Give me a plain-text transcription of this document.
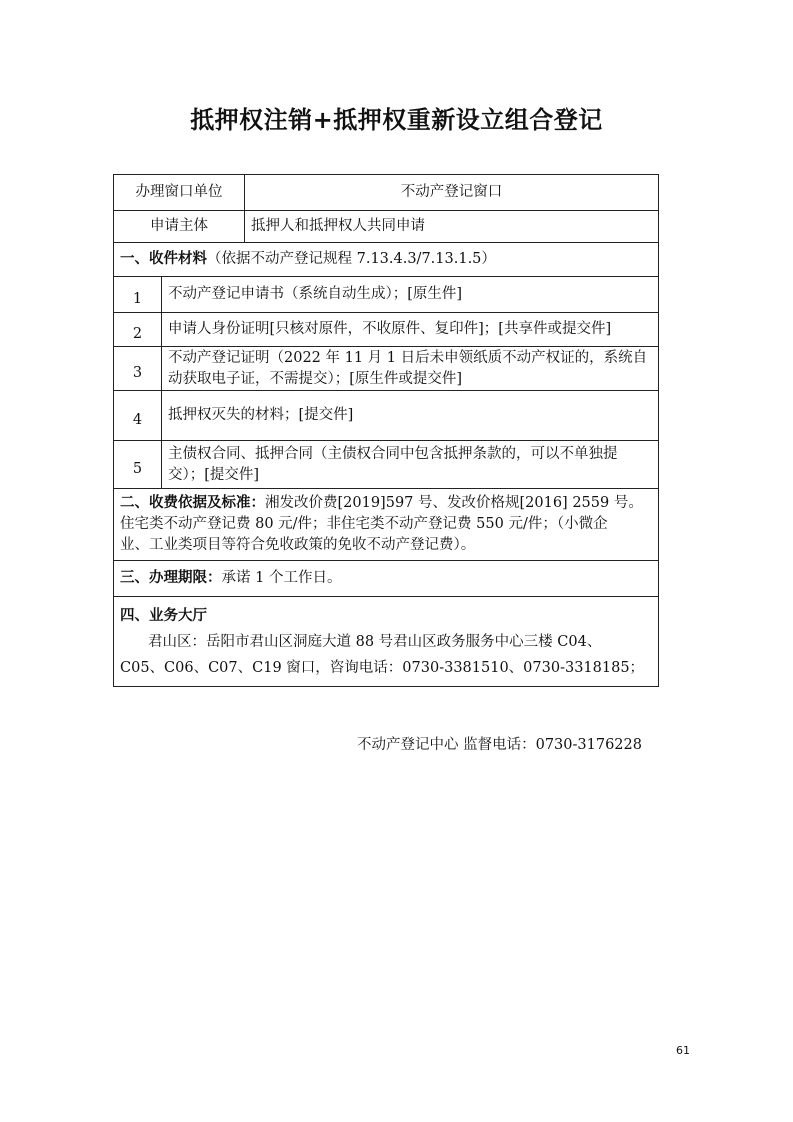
抵押权注销+抵押权重新设立组合登记
办理窗口单位		不动产登记窗口
申请主体		抵押人和抵押权人共同申请
一、收件材料（依据不动产登记规程 7.13.4.3/7.13.1.5）		
1	不动产登记申请书（系统自动生成）；[原生件]	
2	申请人身份证明[只核对原件，不收原件、复印件]；[共享件或提交件]	
3	不动产登记证明（2022 年 11 月 1 日后未申领纸质不动产权证的，系统自动获取电子证，不需提交）；[原生件或提交件]	
4	抵押权灭失的材料；[提交件]	
5	主债权合同、抵押合同（主债权合同中包含抵押条款的，可以不单独提交）；[提交件]	

二、收费依据及标准：湘发改价费[2019]597 号、发改价格规[2016] 2559 号。
住宅类不动产登记费 80 元/件；非住宅类不动产登记费 550 元/件；（小微企
业、工业类项目等符合免收政策的免收不动产登记费）。		

三、办理期限：承诺 1 个工作日。		

四、业务大厅
君山区：岳阳市君山区洞庭大道 88 号君山区政务服务中心三楼 C04、
C05、C06、C07、C19 窗口，咨询电话：0730-3381510、0730-3318185；		
不动产登记中心 监督电话：0730-3176228
61
